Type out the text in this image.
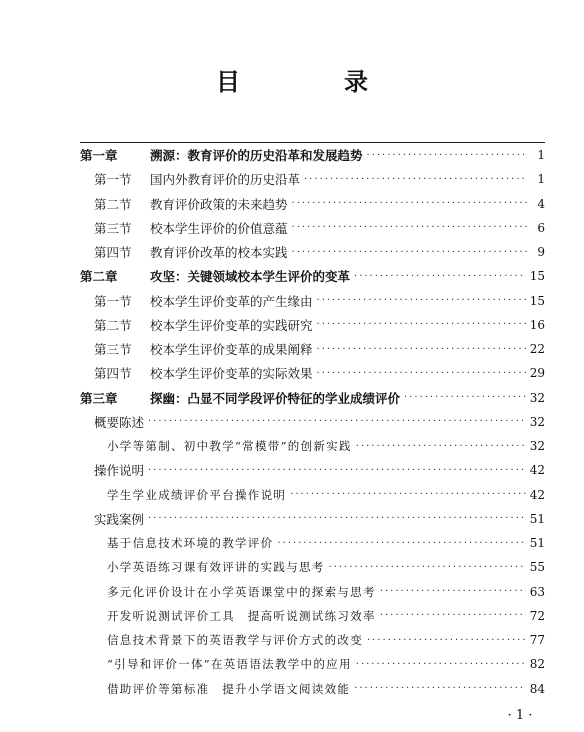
目　录
第一章	溯源：教育评价的历史沿革和发展趋势 ·····	1
第一节	国内外教育评价的历史沿革 ·····	1
第二节	教育评价政策的未来趋势 ·····	4
第三节	校本学生评价的价值意蕴 ·····	6
第四节	教育评价改革的校本实践 ·····	9
第二章	攻坚：关键领域校本学生评价的变革 ·····	15
第一节	校本学生评价变革的产生缘由 ·····	15
第二节	校本学生评价变革的实践研究 ·····	16
第三节	校本学生评价变革的成果阐释 ·····	22
第四节	校本学生评价变革的实际效果 ·····	29
第三章	探幽：凸显不同学段评价特征的学业成绩评价 ·····	32
概要陈述 ·····	32
小学等第制、初中教学“常模带”的创新实践 ·····	32
操作说明 ·····	42
学生学业成绩评价平台操作说明 ·····	42
实践案例 ·····	51
基于信息技术环境的教学评价 ·····	51
小学英语练习课有效评讲的实践与思考 ·····	55
多元化评价设计在小学英语课堂中的探索与思考 ·····	63
开发听说测试评价工具　提高听说测试练习效率 ·····	72
信息技术背景下的英语教学与评价方式的改变 ·····	77
“引导和评价一体”在英语语法教学中的应用 ·····	82
借助评价等第标准　提升小学语文阅读效能 ·····	84
· 1 ·
